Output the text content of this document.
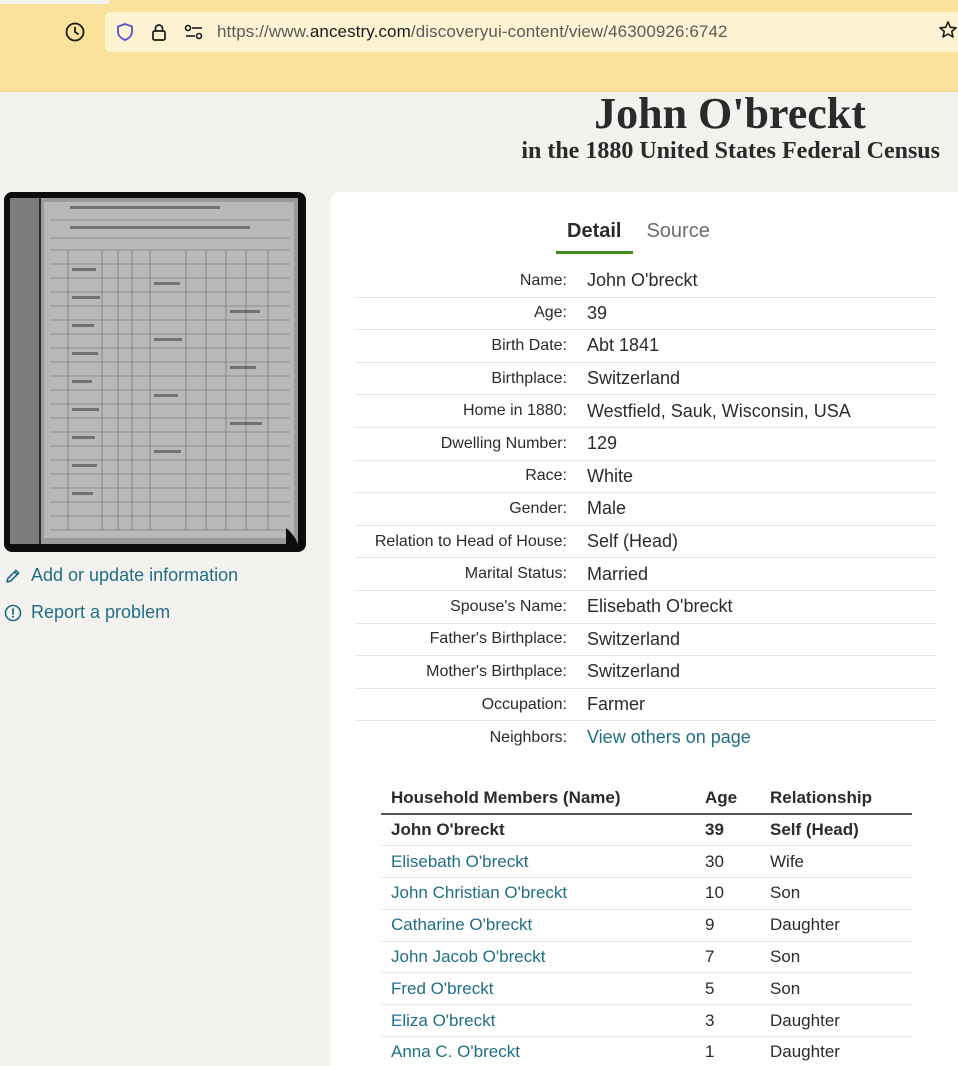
https://www.ancestry.com/discoveryui-content/view/46300926:6742
John O'breckt
in the 1880 United States Federal Census
Add or update information
Report a problem
Detail	Source
Name: John O'breckt
Age: 39
Birth Date: Abt 1841
Birthplace: Switzerland
Home in 1880: Westfield, Sauk, Wisconsin, USA
Dwelling Number: 129
Race: White
Gender: Male
Relation to Head of House: Self (Head)
Marital Status: Married
Spouse's Name: Elisebath O'breckt
Father's Birthplace: Switzerland
Mother's Birthplace: Switzerland
Occupation: Farmer
Neighbors: View others on page
Household Members (Name)	Age	Relationship
John O'breckt	39	Self (Head)
Elisebath O'breckt	30	Wife
John Christian O'breckt	10	Son
Catharine O'breckt	9	Daughter
John Jacob O'breckt	7	Son
Fred O'breckt	5	Son
Eliza O'breckt	3	Daughter
Anna C. O'breckt	1	Daughter
